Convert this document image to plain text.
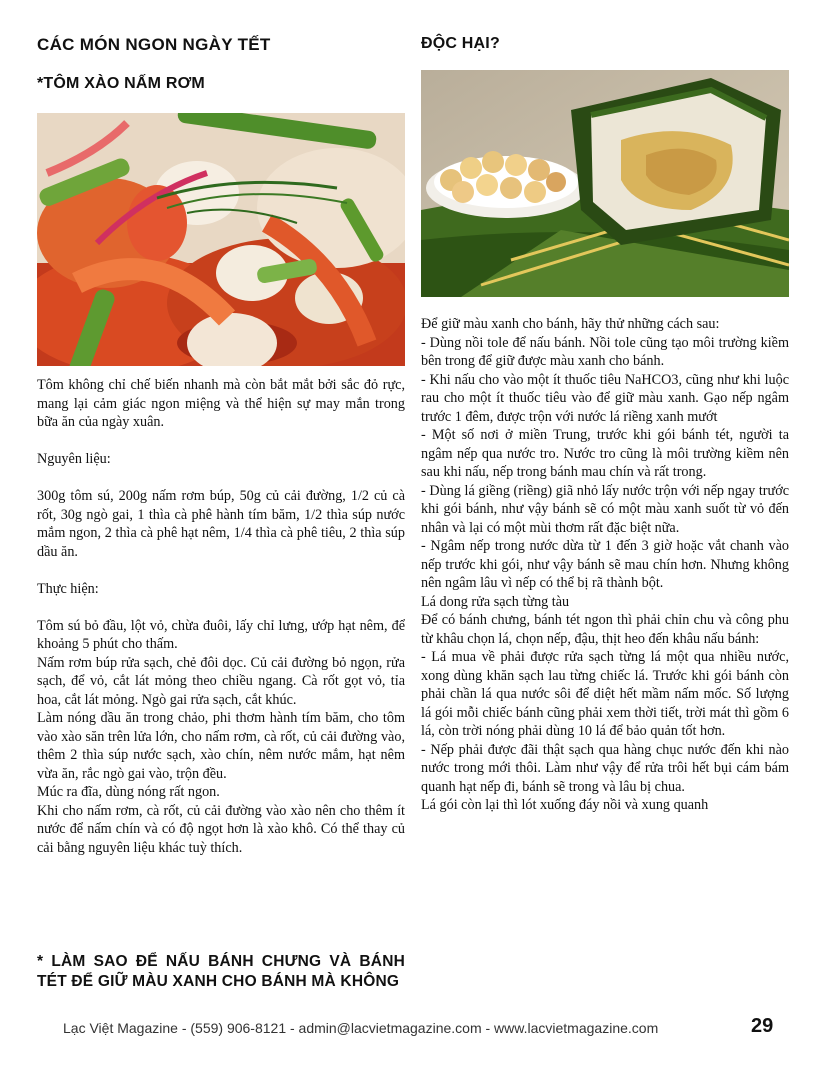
CÁC MÓN NGON NGÀY TẾT
*TÔM XÀO NẤM RƠM
ĐỘC HẠI?

Tôm không chỉ chế biến nhanh mà còn bắt mắt bởi sắc đỏ rực, mang lại cảm giác ngon miệng và thể hiện sự may mắn trong bữa ăn của ngày xuân.

Nguyên liệu:

300g tôm sú, 200g nấm rơm búp, 50g củ cải đường, 1/2 củ cà rốt, 30g ngò gai, 1 thìa cà phê hành tím băm, 1/2 thìa súp nước mắm ngon, 2 thìa cà phê hạt nêm, 1/4 thìa cà phê tiêu, 2 thìa súp dầu ăn.

Thực hiện:

Tôm sú bỏ đầu, lột vỏ, chừa đuôi, lấy chỉ lưng, ướp hạt nêm, để khoảng 5 phút cho thấm.

Nấm rơm búp rửa sạch, chẻ đôi dọc. Củ cải đường bỏ ngọn, rửa sạch, để vỏ, cắt lát mỏng theo chiều ngang. Cà rốt gọt vỏ, tỉa hoa, cắt lát mỏng. Ngò gai rửa sạch, cắt khúc.

Làm nóng dầu ăn trong chảo, phi thơm hành tím băm, cho tôm vào xào săn trên lửa lớn, cho nấm rơm, cà rốt, củ cải đường vào, thêm 2 thìa súp nước sạch, xào chín, nêm nước mắm, hạt nêm vừa ăn, rắc ngò gai vào, trộn đều.

Múc ra đĩa, dùng nóng rất ngon.

Khi cho nấm rơm, cà rốt, củ cải đường vào xào nên cho thêm ít nước để nấm chín và có độ ngọt hơn là xào khô. Có thể thay củ cải bằng nguyên liệu khác tuỳ thích.

* LÀM SAO ĐỂ NẤU BÁNH CHƯNG VÀ BÁNH TÉT ĐỂ GIỮ MÀU XANH CHO BÁNH MÀ KHÔNG

Để giữ màu xanh cho bánh, hãy thử những cách sau:

- Dùng nồi tole để nấu bánh. Nồi tole cũng tạo môi trường kiềm bên trong để giữ được màu xanh cho bánh.

- Khi nấu cho vào một ít thuốc tiêu NaHCO3, cũng như khi luộc rau cho một ít thuốc tiêu vào để giữ màu xanh. Gạo nếp ngâm trước 1 đêm, được trộn với nước lá riềng xanh mướt

- Một số nơi ở miền Trung, trước khi gói bánh tét, người ta ngâm nếp qua nước tro. Nước tro cũng là môi trường kiềm nên sau khi nấu, nếp trong bánh mau chín và rất trong.

- Dùng lá giềng (riềng) giã nhỏ lấy nước trộn với nếp ngay trước khi gói bánh, như vậy bánh sẽ có một màu xanh suốt từ vỏ đến nhân và lại có một mùi thơm rất đặc biệt nữa.

- Ngâm nếp trong nước dừa từ 1 đến 3 giờ hoặc vắt chanh vào nếp trước khi gói, như vậy bánh sẽ mau chín hơn. Nhưng không nên ngâm lâu vì nếp có thể bị rã thành bột.

Lá dong rửa sạch từng tàu

Để có bánh chưng, bánh tét ngon thì phải chỉn chu và công phu từ khâu chọn lá, chọn nếp, đậu, thịt heo đến khâu nấu bánh:

- Lá mua về phải được rửa sạch từng lá một qua nhiều nước, xong dùng khăn sạch lau từng chiếc lá. Trước khi gói bánh còn phải chần lá qua nước sôi để diệt hết mầm nấm mốc. Số lượng lá gói mỗi chiếc bánh cũng phải xem thời tiết, trời mát thì gồm 6 lá, còn trời nóng phải dùng 10 lá để bảo quản tốt hơn.

- Nếp phải được đãi thật sạch qua hàng chục nước đến khi nào nước trong mới thôi. Làm như vậy để rửa trôi hết bụi cám bám quanh hạt nếp đi, bánh sẽ trong và lâu bị chua.

Lá gói còn lại thì lót xuống đáy nồi và xung quanh

Lạc Việt Magazine - (559) 906-8121 - admin@lacvietmagazine.com - www.lacvietmagazine.com	29
